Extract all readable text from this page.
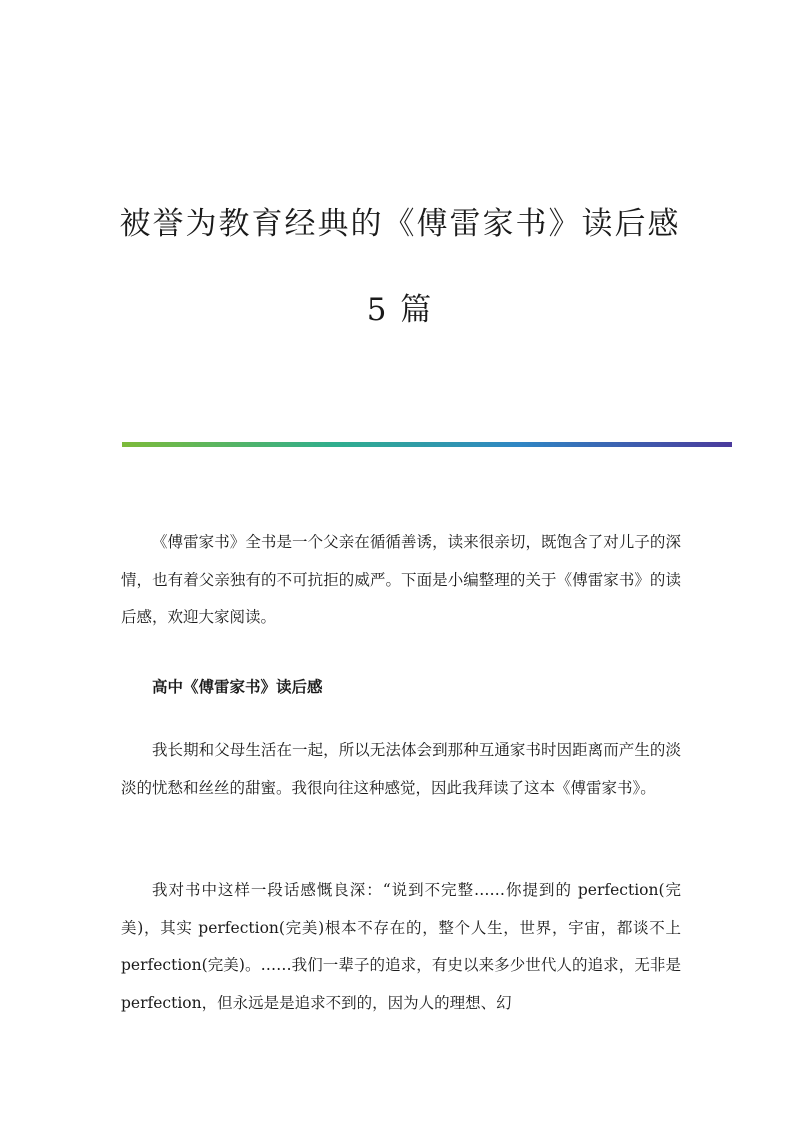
被誉为教育经典的《傅雷家书》读后感
5 篇

《傅雷家书》全书是一个父亲在循循善诱，读来很亲切，既饱含了对儿子的深情，也有着父亲独有的不可抗拒的威严。下面是小编整理的关于《傅雷家书》的读后感，欢迎大家阅读。

高中《傅雷家书》读后感

我长期和父母生活在一起，所以无法体会到那种互通家书时因距离而产生的淡淡的忧愁和丝丝的甜蜜。我很向往这种感觉，因此我拜读了这本《傅雷家书》。

我对书中这样一段话感慨良深：“说到不完整……你提到的 perfection(完美)，其实 perfection(完美)根本不存在的，整个人生，世界，宇宙，都谈不上 perfection(完美)。……我们一辈子的追求，有史以来多少世代人的追求，无非是 perfection，但永远是是追求不到的，因为人的理想、幻
